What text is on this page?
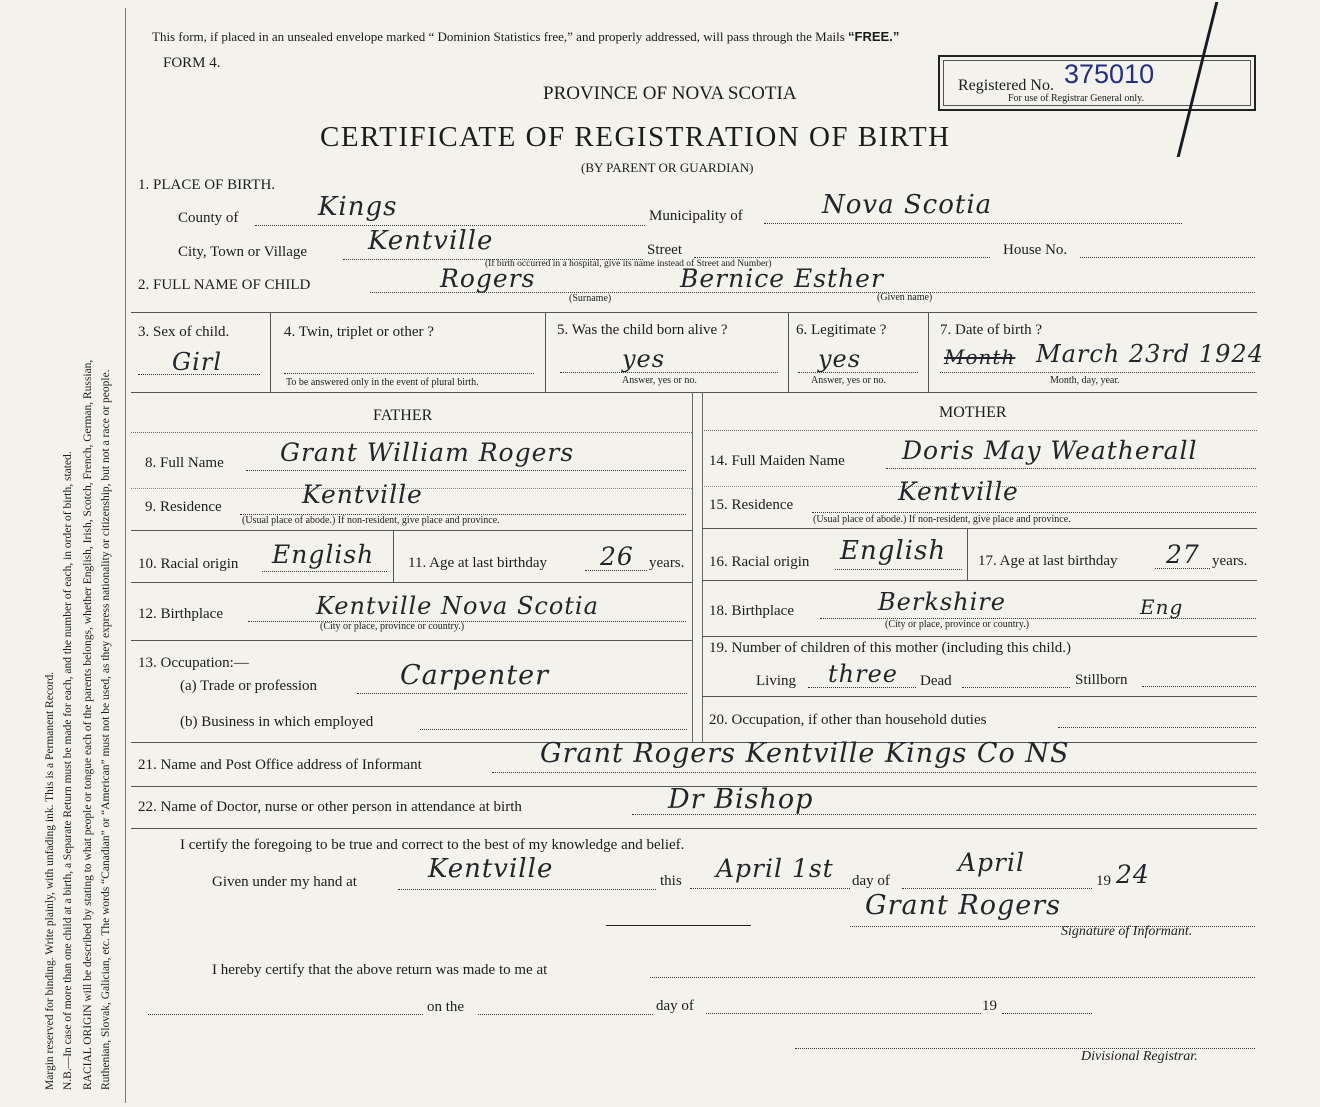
Margin reserved for binding. Write plainly, with unfading ink. This is a Permanent Record. N.B.—In case of more than one child at a birth, a Separate Return must be made for each, and the number of each, in order of birth, stated. RACIAL ORIGIN will be described by stating to what people or tongue each of the parents belongs, whether English, Irish, Scotch, French, German, Russian, Ruthenian, Slovak, Galician, etc. The words “Canadian” or “American” must not be used, as they express nationality or citizenship, but not a race or people.
This form, if placed in an unsealed envelope marked “ Dominion Statistics free,” and properly addressed, will pass through the Mails “FREE.”
FORM 4.
PROVINCE OF NOVA SCOTIA
CERTIFICATE OF REGISTRATION OF BIRTH
(BY PARENT OR GUARDIAN)
Registered No. 375010
For use of Registrar General only.
1. PLACE OF BIRTH.
County of	Kings	Municipality of	Nova Scotia
City, Town or Village Kentville	Street
(If birth occurred in a hospital, give its name instead of Street and Number)
House No.
2. FULL NAME OF CHILD	Rogers	Bernice Esther
(Surname)	(Given name)
3. Sex of child.
Girl
4. Twin, triplet or other ?
To be answered only in the event of plural birth.
5. Was the child born alive ?
yes
Answer, yes or no.
6. Legitimate ?
yes
Answer, yes or no.
7. Date of birth ?
Month March 23rd 1924
Month, day, year.
FATHER	MOTHER
8. Full Name Grant William Rogers
9. Residence	Kentville
(Usual place of abode.) If non-resident, give place and province.
10. Racial origin English 11. Age at last birthday 26 years.
12. Birthplace	Kentville Nova Scotia
(City or place, province or country.)
13. Occupation:—
(a) Trade or profession	Carpenter
(b) Business in which employed
14. Full Maiden Name Doris May Weatherall
15. Residence	Kentville
(Usual place of abode.) If non-resident, give place and province.
16. Racial origin English 17. Age at last birthday 27 years.
18. Birthplace	Berkshire	Eng
(City or place, province or country.)
19. Number of children of this mother (including this child.)
Living three Dead	Stillborn
20. Occupation, if other than household duties
21. Name and Post Office address of Informant	Grant Rogers Kentville Kings Co NS
22. Name of Doctor, nurse or other person in attendance at birth	Dr Bishop
I certify the foregoing to be true and correct to the best of my knowledge and belief.
Given under my hand at	Kentville	this April 1st day of
April
19 24
Grant Rogers
Signature of Informant.
I hereby certify that the above return was made to me at
on the	day of	19
Divisional Registrar.
